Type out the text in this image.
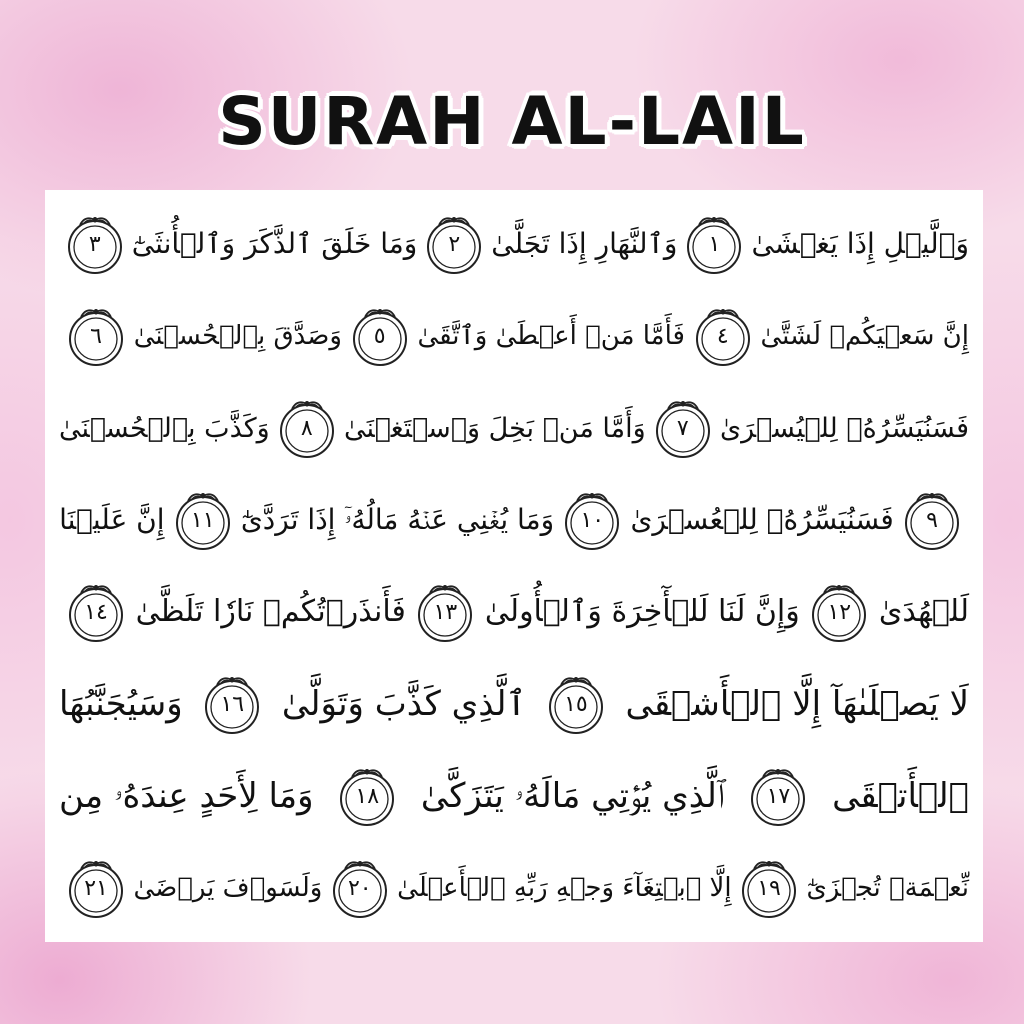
SURAH AL-LAIL
وَٱلَّيۡلِ إِذَا يَغۡشَىٰ
١
وَٱلنَّهَارِ إِذَا تَجَلَّىٰ
٢
وَمَا خَلَقَ ٱلذَّكَرَ وَٱلۡأُنثَىٰٓ
٣
إِنَّ سَعۡيَكُمۡ لَشَتَّىٰ
٤
فَأَمَّا مَنۡ أَعۡطَىٰ وَٱتَّقَىٰ
٥
وَصَدَّقَ بِٱلۡحُسۡنَىٰ
٦
فَسَنُيَسِّرُهُۥ لِلۡيُسۡرَىٰ
٧
وَأَمَّا مَنۢ بَخِلَ وَٱسۡتَغۡنَىٰ
٨
وَكَذَّبَ بِٱلۡحُسۡنَىٰ
٩
فَسَنُيَسِّرُهُۥ لِلۡعُسۡرَىٰ
١٠
وَمَا يُغۡنِي عَنۡهُ مَالُهُۥٓ إِذَا تَرَدَّىٰٓ
١١
إِنَّ عَلَيۡنَا
لَلۡهُدَىٰ
١٢
وَإِنَّ لَنَا لَلۡأٓخِرَةَ وَٱلۡأُولَىٰ
١٣
فَأَنذَرۡتُكُمۡ نَارٗا تَلَظَّىٰ
١٤
لَا يَصۡلَىٰهَآ إِلَّا ٱلۡأَشۡقَى
١٥
ٱلَّذِي كَذَّبَ وَتَوَلَّىٰ
١٦
وَسَيُجَنَّبُهَا
ٱلۡأَتۡقَى
١٧
ٱلَّذِي يُؤۡتِي مَالَهُۥ يَتَزَكَّىٰ
١٨
وَمَا لِأَحَدٍ عِندَهُۥ مِن
نِّعۡمَةٖ تُجۡزَىٰٓ
١٩
إِلَّا ٱبۡتِغَآءَ وَجۡهِ رَبِّهِ ٱلۡأَعۡلَىٰ
٢٠
وَلَسَوۡفَ يَرۡضَىٰ
٢١
